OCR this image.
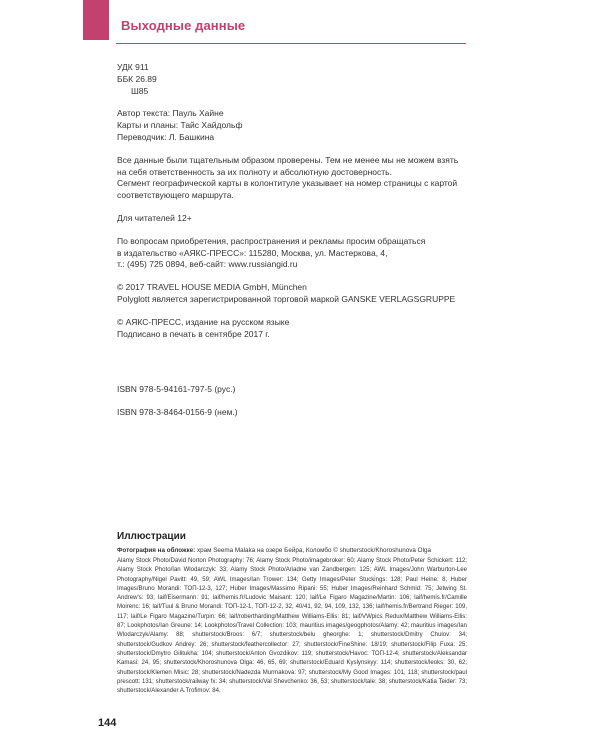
Выходные данные

УДК 911

ББК 26.89

Ш85

Автор текста: Пауль Хайне

Карты и планы: Тайс Хайдольф

Переводчик: Л. Башкина

Все данные были тщательным образом проверены. Тем не менее мы не можем взять

на себя ответственность за их полноту и абсолютную достоверность.

Сегмент географической карты в колонтитуле указывает на номер страницы с картой

соответствующего маршрута.

Для читателей 12+

По вопросам приобретения, распространения и рекламы просим обращаться

в издательство «АЯКС-ПРЕСС»: 115280, Москва, ул. Мастеркова, 4,

т.: (495) 725 0894, веб-сайт: www.russiangid.ru

© 2017 TRAVEL HOUSE MEDIA GmbH, München

Polyglott является зарегистрированной торговой маркой GANSKE VERLAGSGRUPPE

© АЯКС-ПРЕСС, издание на русском языке

Подписано в печать в сентябре 2017 г.

ISBN 978-5-94161-797-5 (рус.)

ISBN 978-3-8464-0156-9 (нем.)

Иллюстрации

Фотография на обложке: храм Seema Malaka на озере Бейра, Коломбо © shutterstock/Khoroshunova Olga

Alamy Stock Photo/David Norton Photography: 76; Alamy Stock Photo/imagebroker: 60; Alamy Stock Photo/Peter Schickert: 112; Alamy Stock Photo/Ian Wlodarczyk: 33; Alamy Stock Photo/Ariadne van Zandbergen: 125; AWL Images/John Warburton-Lee Photography/Nigel Pavitt: 49, 59; AWL Images/Ian Trower: 134; Getty Images/Peter Stuckings: 128; Paul Heine: 8; Huber Images/Bruno Morandi: ТОП-12-3, 127; Huber Images/Massimo Ripani: 55; Huber Images/Reinhard Schmid: 75; Jetwing St. Andrew's: 93; laif/Eisermann: 91; laif/hemis.fr/Ludovic Maisant: 120; laif/Le Figaro Magazine/Martin: 106; laif/hemis.fr/Camille Moirenc: 16; laif/Tuul & Bruno Morandi: ТОП-12-1, ТОП-12-2, 32, 40/41, 92, 94, 109, 132, 136; laif/hemis.fr/Bertrand Rieger: 109, 117; laif/Le Figaro Magazine/Turpin: 66; laif/robertharding/Matthew Williams-Ellis: 81; laif/VWpics Redux/Matthew Williams-Ellis: 87; Lookphotos/Ian Greune: 14; Lookphotos/Travel Collection: 103; mauritius images/geogphotos/Alamy: 42; mauritius images/Ian Wlodarczyk/Alamy: 88; shutterstock/Broos: 6/7; shutterstock/belu gheorghe: 1; shutterstock/Dmitry Chulov: 34; shutterstock/Gudkov Andrey: 26; shutterstock/feathercollector: 27; shutterstock/FineShine: 18/19; shutterstock/Filip Fuxa: 25; shutterstock/Dmytro Gilitukha: 104; shutterstock/Anton Gvozdikov: 119; shutterstock/Havoc: ТОП-12-4; shutterstock/Aleksandar Kamasi: 24, 95; shutterstock/Khoroshunova Olga: 46, 65, 69; shutterstock/Eduard Kyslynskyy: 114; shutterstock/leoks: 30, 62; shutterstock/Klemen Misic: 28; shutterstock/Nadezda Murmakova: 97; shutterstock/My Good Images: 101, 118; shutterstock/paul prescott: 131; shutterstock/railway fx: 34; shutterstock/Val Shevchenko: 36, 53; shutterstock/tale: 38; shutterstock/Katia Teider: 73; shutterstock/Alexander A.Trofimov: 84.

144
